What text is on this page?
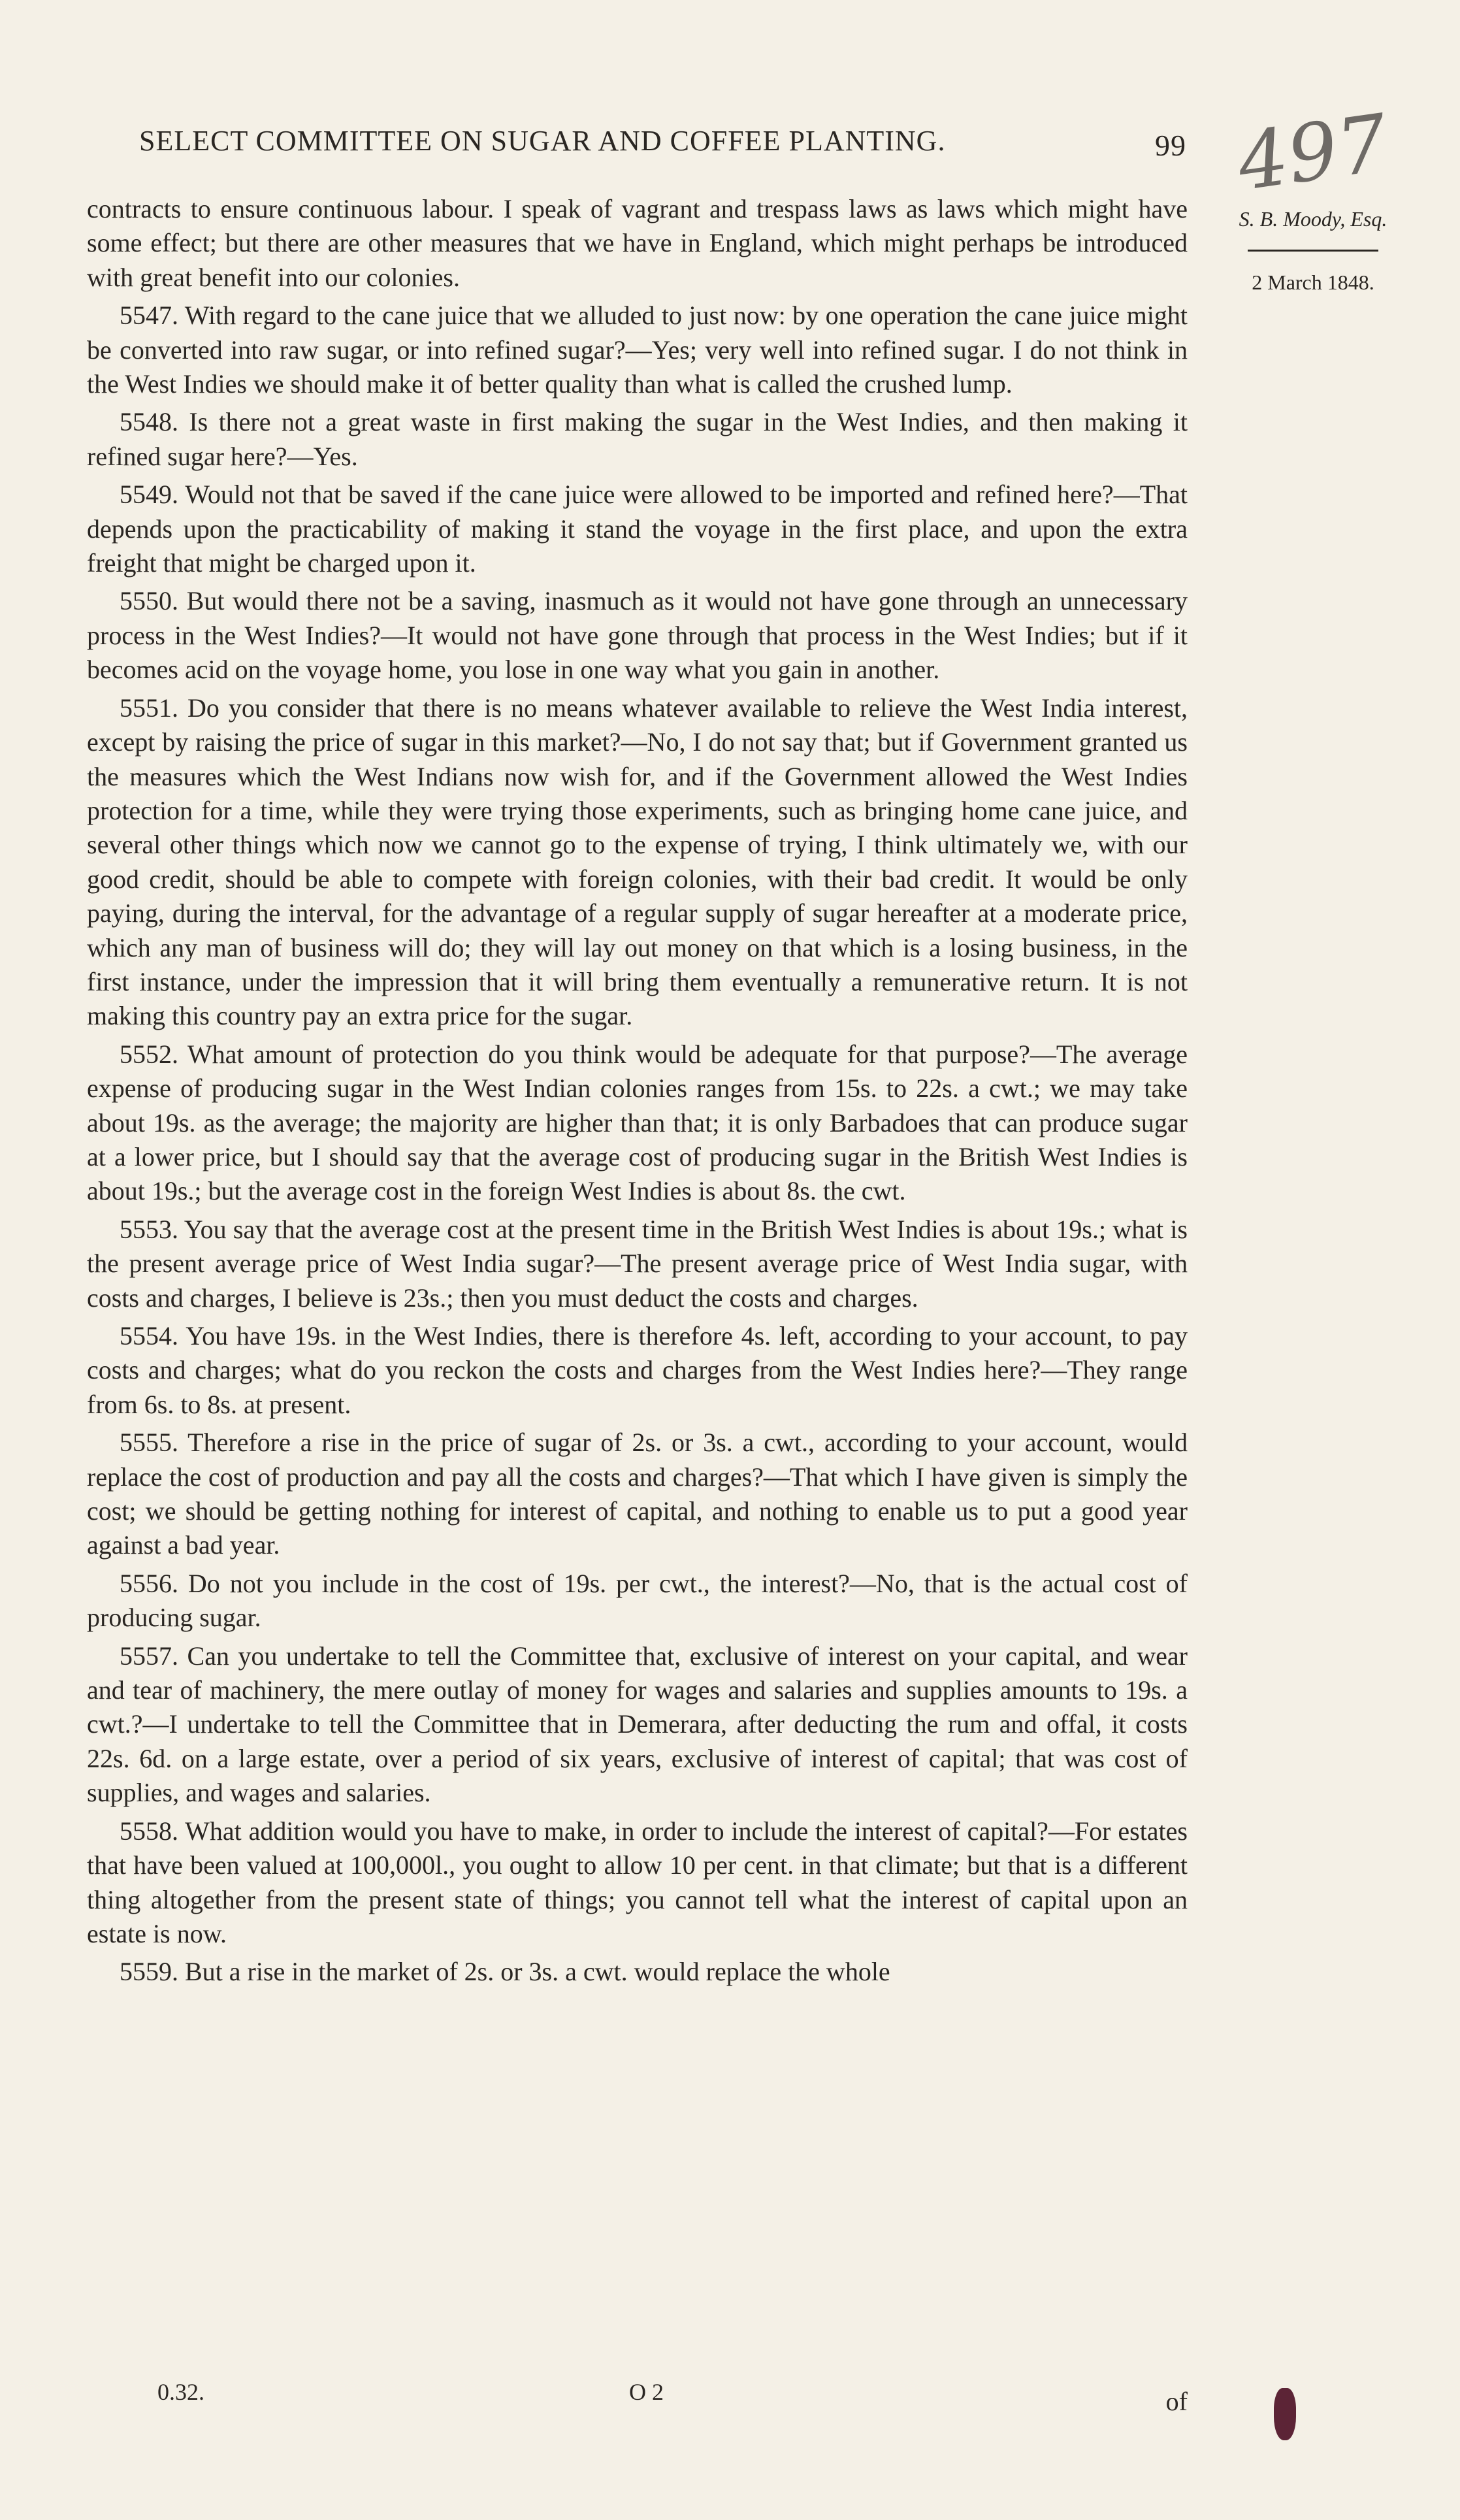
SELECT COMMITTEE ON SUGAR AND COFFEE PLANTING.	99 497
S. B. Moody, Esq.
2 March 1848.

contracts to ensure continuous labour. I speak of vagrant and trespass laws as laws which might have some effect; but there are other measures that we have in England, which might perhaps be introduced with great benefit into our colonies.

5547. With regard to the cane juice that we alluded to just now: by one operation the cane juice might be converted into raw sugar, or into refined sugar?—Yes; very well into refined sugar. I do not think in the West Indies we should make it of better quality than what is called the crushed lump.

5548. Is there not a great waste in first making the sugar in the West Indies, and then making it refined sugar here?—Yes.

5549. Would not that be saved if the cane juice were allowed to be imported and refined here?—That depends upon the practicability of making it stand the voyage in the first place, and upon the extra freight that might be charged upon it.

5550. But would there not be a saving, inasmuch as it would not have gone through an unnecessary process in the West Indies?—It would not have gone through that process in the West Indies; but if it becomes acid on the voyage home, you lose in one way what you gain in another.

5551. Do you consider that there is no means whatever available to relieve the West India interest, except by raising the price of sugar in this market?—No, I do not say that; but if Government granted us the measures which the West Indians now wish for, and if the Government allowed the West Indies protection for a time, while they were trying those experiments, such as bringing home cane juice, and several other things which now we cannot go to the expense of trying, I think ultimately we, with our good credit, should be able to compete with foreign colonies, with their bad credit. It would be only paying, during the interval, for the advantage of a regular supply of sugar hereafter at a moderate price, which any man of business will do; they will lay out money on that which is a losing business, in the first instance, under the impression that it will bring them eventually a remunerative return. It is not making this country pay an extra price for the sugar.

5552. What amount of protection do you think would be adequate for that purpose?—The average expense of producing sugar in the West Indian colonies ranges from 15s. to 22s. a cwt.; we may take about 19s. as the average; the majority are higher than that; it is only Barbadoes that can produce sugar at a lower price, but I should say that the average cost of producing sugar in the British West Indies is about 19s.; but the average cost in the foreign West Indies is about 8s. the cwt.

5553. You say that the average cost at the present time in the British West Indies is about 19s.; what is the present average price of West India sugar?—The present average price of West India sugar, with costs and charges, I believe is 23s.; then you must deduct the costs and charges.

5554. You have 19s. in the West Indies, there is therefore 4s. left, according to your account, to pay costs and charges; what do you reckon the costs and charges from the West Indies here?—They range from 6s. to 8s. at present.

5555. Therefore a rise in the price of sugar of 2s. or 3s. a cwt., according to your account, would replace the cost of production and pay all the costs and charges?—That which I have given is simply the cost; we should be getting nothing for interest of capital, and nothing to enable us to put a good year against a bad year.

5556. Do not you include in the cost of 19s. per cwt., the interest?—No, that is the actual cost of producing sugar.

5557. Can you undertake to tell the Committee that, exclusive of interest on your capital, and wear and tear of machinery, the mere outlay of money for wages and salaries and supplies amounts to 19s. a cwt.?—I undertake to tell the Committee that in Demerara, after deducting the rum and offal, it costs 22s. 6d. on a large estate, over a period of six years, exclusive of interest of capital; that was cost of supplies, and wages and salaries.

5558. What addition would you have to make, in order to include the interest of capital?—For estates that have been valued at 100,000l., you ought to allow 10 per cent. in that climate; but that is a different thing altogether from the present state of things; you cannot tell what the interest of capital upon an estate is now.

5559. But a rise in the market of 2s. or 3s. a cwt. would replace the whole

0.32.	O 2	of
